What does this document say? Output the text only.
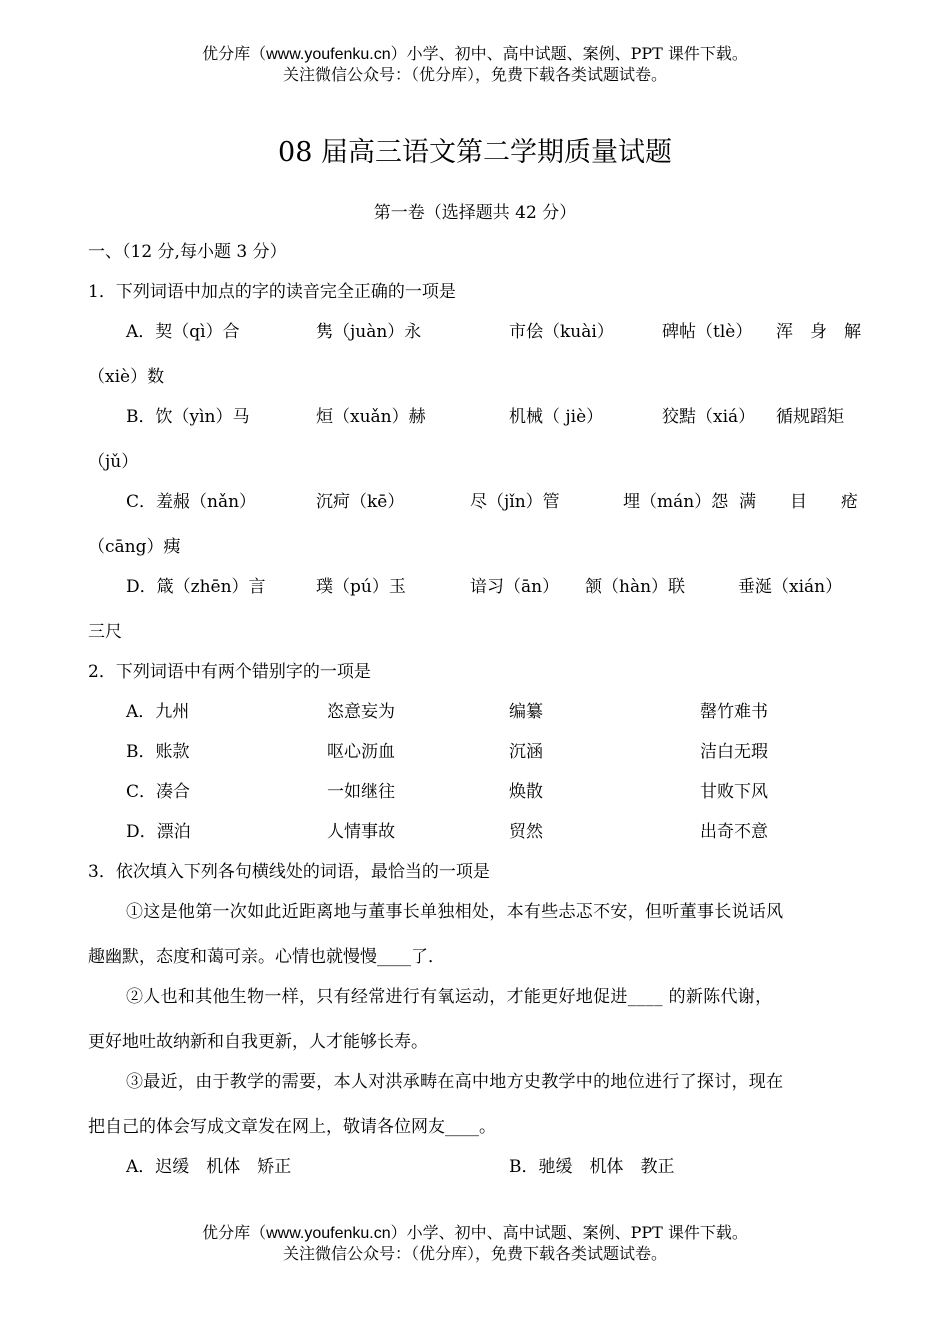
优分库（www.youfenku.cn）小学、初中、高中试题、案例、PPT 课件下载。
关注微信公众号：（优分库），免费下载各类试题试卷。
08 届高三语文第二学期质量试题
第一卷（选择题共 42 分）
一、（12 分,每小题 3 分）
1．下列词语中加点的字的读音完全正确的一项是
A．契（qì）合	隽（juàn）永	市侩（kuài）	碑帖（tlè） 浑　身　解
（xiè）数
B．饮（yìn）马	烜（xuǎn）赫	机械（ jiè）	狡黠（xiá） 循规蹈矩
（jǔ）
C．羞赧（nǎn）	沉疴（kē）	尽（jǐn）管	埋（mán）怨 满　　目　　疮
（cāng）痍
D．箴（zhēn）言	璞（pú）玉	谙习（ān） 颔（hàn）联	垂涎（xián）
三尺
2．下列词语中有两个错别字的一项是
A．九州	恣意妄为	编纂	罄竹难书
B．账款	呕心沥血	沉涵	洁白无瑕
C．凑合	一如继往	焕散	甘败下风
D．漂泊	人情事故	贸然	出奇不意
3．依次填入下列各句横线处的词语，最恰当的一项是
①这是他第一次如此近距离地与董事长单独相处，本有些忐忑不安，但听董事长说话风
趣幽默，态度和蔼可亲。心情也就慢慢____了．
②人也和其他生物一样，只有经常进行有氧运动，才能更好地促进____ 的新陈代谢，
更好地吐故纳新和自我更新，人才能够长寿。
③最近，由于教学的需要，本人对洪承畴在高中地方史教学中的地位进行了探讨，现在
把自己的体会写成文章发在网上，敬请各位网友____。
A．迟缓　机体　矫正	B．驰缓　机体　教正
优分库（www.youfenku.cn）小学、初中、高中试题、案例、PPT 课件下载。
关注微信公众号：（优分库），免费下载各类试题试卷。
